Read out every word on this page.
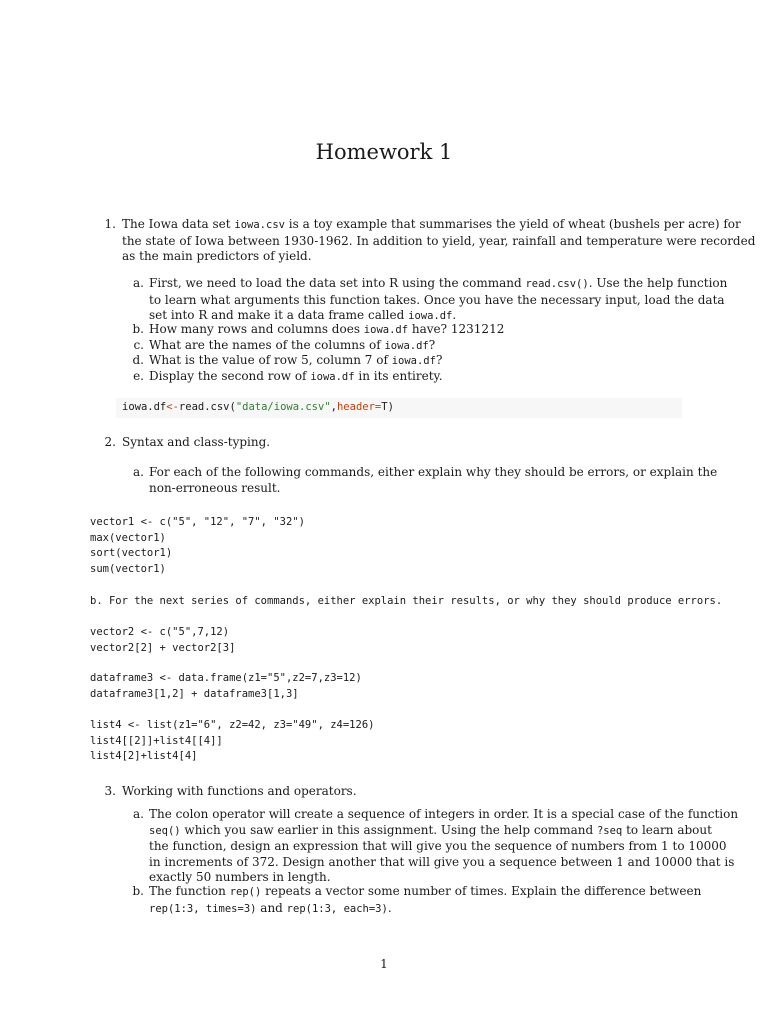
Homework 1
1. The Iowa data set iowa.csv is a toy example that summarises the yield of wheat (bushels per acre) for
the state of Iowa between 1930-1962. In addition to yield, year, rainfall and temperature were recorded
as the main predictors of yield.
a. First, we need to load the data set into R using the command read.csv(). Use the help function
to learn what arguments this function takes. Once you have the necessary input, load the data
set into R and make it a data frame called iowa.df.
b. How many rows and columns does iowa.df have? 1231212
c. What are the names of the columns of iowa.df?
d. What is the value of row 5, column 7 of iowa.df?
e. Display the second row of iowa.df in its entirety.
iowa.df<-read.csv("data/iowa.csv",header=T)
2. Syntax and class-typing.
a. For each of the following commands, either explain why they should be errors, or explain the
non-erroneous result.
vector1 <- c("5", "12", "7", "32")
max(vector1)
sort(vector1)
sum(vector1)
b. For the next series of commands, either explain their results, or why they should produce errors.
vector2 <- c("5",7,12)
vector2[2] + vector2[3]
dataframe3 <- data.frame(z1="5",z2=7,z3=12)
dataframe3[1,2] + dataframe3[1,3]
list4 <- list(z1="6", z2=42, z3="49", z4=126)
list4[[2]]+list4[[4]]
list4[2]+list4[4]
3. Working with functions and operators.
a. The colon operator will create a sequence of integers in order. It is a special case of the function
seq() which you saw earlier in this assignment. Using the help command ?seq to learn about
the function, design an expression that will give you the sequence of numbers from 1 to 10000
in increments of 372. Design another that will give you a sequence between 1 and 10000 that is
exactly 50 numbers in length.
b. The function rep() repeats a vector some number of times. Explain the difference between
rep(1:3, times=3) and rep(1:3, each=3).
1
